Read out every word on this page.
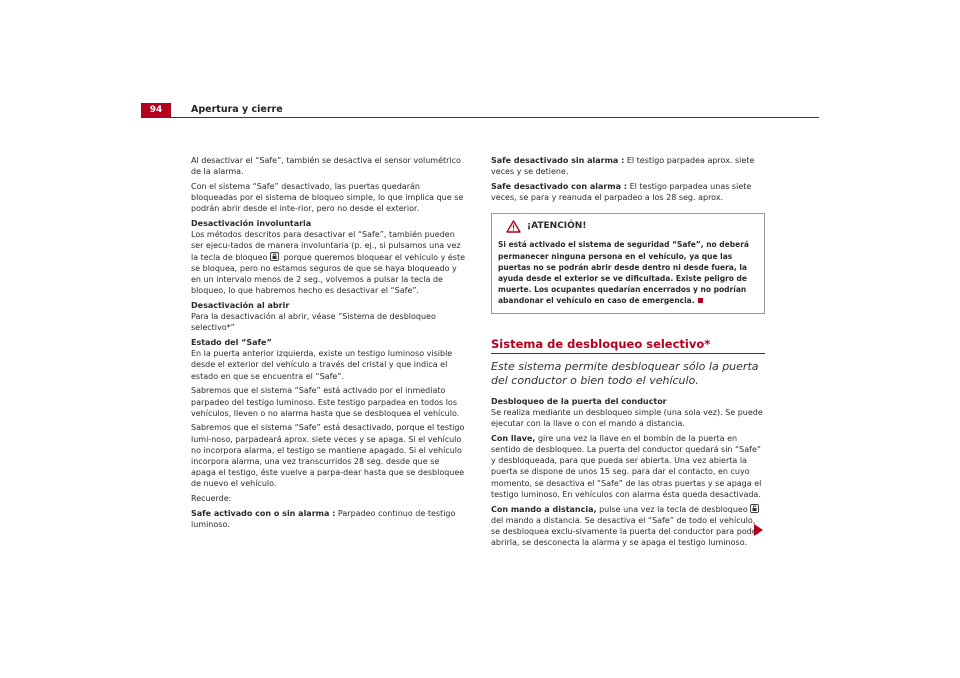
94	Apertura y cierre

Al desactivar el “Safe”, también se desactiva el sensor volumétrico de la alarma.

Con el sistema “Safe” desactivado, las puertas quedarán bloqueadas por el sistema de bloqueo simple, lo que implica que se podrán abrir desde el inte-rior, pero no desde el exterior.

Desactivación involuntaria

Los métodos descritos para desactivar el “Safe”, también pueden ser ejecu-tados de manera involuntaria (p. ej., si pulsamos una vez la tecla de bloqueo porque queremos bloquear el vehículo y éste se bloquea, pero no estamos seguros de que se haya bloqueado y en un intervalo menos de 2 seg., volvemos a pulsar la tecla de bloqueo, lo que habremos hecho es desactivar el “Safe”.

Desactivación al abrir

Para la desactivación al abrir, véase “Sistema de desbloqueo selectivo*”

Estado del “Safe”

En la puerta anterior izquierda, existe un testigo luminoso visible desde el exterior del vehículo a través del cristal y que indica el estado en que se encuentra el “Safe”.

Sabremos que el sistema “Safe” está activado por el inmediato parpadeo del testigo luminoso. Este testigo parpadea en todos los vehículos, lleven o no alarma hasta que se desbloquea el vehículo.

Sabremos que el sistema “Safe” está desactivado, porque el testigo lumi-noso, parpadeará aprox. siete veces y se apaga. Si el vehículo no incorpora alarma, el testigo se mantiene apagado. Si el vehículo incorpora alarma, una vez transcurridos 28 seg. desde que se apaga el testigo, éste vuelve a parpa-dear hasta que se desbloquee de nuevo el vehículo.

Recuerde:

Safe activado con o sin alarma : Parpadeo continuo de testigo luminoso.

Safe desactivado sin alarma : El testigo parpadea aprox. siete veces y se detiene.

Safe desactivado con alarma : El testigo parpadea unas siete veces, se para y reanuda el parpadeo a los 28 seg. aprox.

¡ATENCIÓN!
Si está activado el sistema de seguridad “Safe”, no deberá permanecer ninguna persona en el vehículo, ya que las puertas no se podrán abrir desde dentro ni desde fuera, la ayuda desde el exterior se ve dificultada. Existe peligro de muerte. Los ocupantes quedarían encerrados y no podrían abandonar el vehículo en caso de emergencia.
Sistema de desbloqueo selectivo*
Este sistema permite desbloquear sólo la puerta del conductor o bien todo el vehículo.

Desbloqueo de la puerta del conductor

Se realiza mediante un desbloqueo simple (una sola vez). Se puede ejecutar con la llave o con el mando a distancia.

Con llave, gire una vez la llave en el bombín de la puerta en sentido de desbloqueo. La puerta del conductor quedará sin “Safe” y desbloqueada, para que pueda ser abierta. Una vez abierta la puerta se dispone de unos 15 seg. para dar el contacto, en cuyo momento, se desactiva el “Safe” de las otras puertas y se apaga el testigo luminoso. En vehículos con alarma ésta queda desactivada.

Con mando a distancia, pulse una vez la tecla de desbloqueo
del mando a distancia. Se desactiva el “Safe” de todo el vehículo, se desbloquea exclu-sivamente la puerta del conductor para poder abrirla, se desconecta la alarma y se apaga el testigo luminoso.
